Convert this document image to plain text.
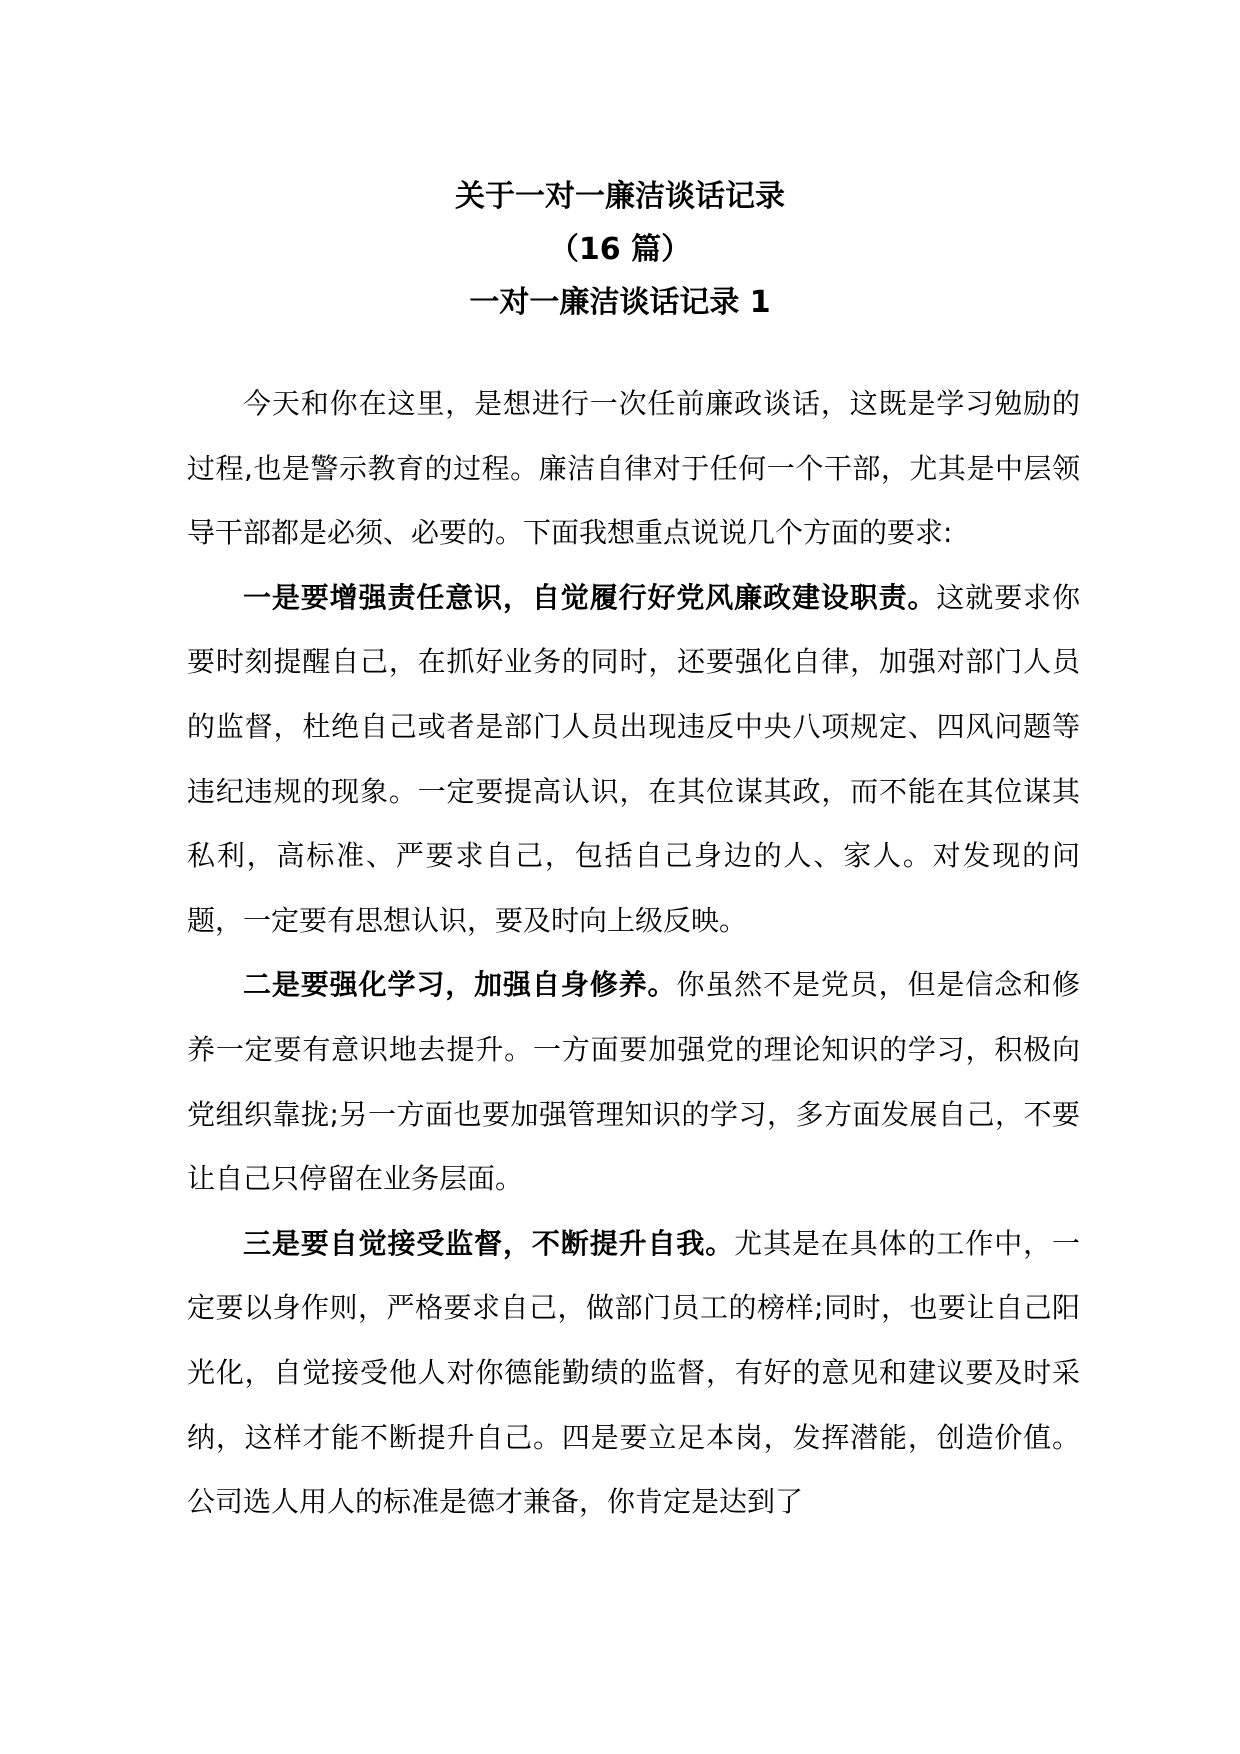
关于一对一廉洁谈话记录

（16 篇）

一对一廉洁谈话记录 1

今天和你在这里，是想进行一次任前廉政谈话，这既是学习勉励的过程,也是警示教育的过程。廉洁自律对于任何一个干部，尤其是中层领导干部都是必须、必要的。下面我想重点说说几个方面的要求:

一是要增强责任意识，自觉履行好党风廉政建设职责。这就要求你要时刻提醒自己，在抓好业务的同时，还要强化自律，加强对部门人员的监督，杜绝自己或者是部门人员出现违反中央八项规定、四风问题等违纪违规的现象。一定要提高认识，在其位谋其政，而不能在其位谋其私利，高标准、严要求自己，包括自己身边的人、家人。对发现的问题，一定要有思想认识，要及时向上级反映。

二是要强化学习，加强自身修养。你虽然不是党员，但是信念和修养一定要有意识地去提升。一方面要加强党的理论知识的学习，积极向党组织靠拢;另一方面也要加强管理知识的学习，多方面发展自己，不要让自己只停留在业务层面。

三是要自觉接受监督，不断提升自我。尤其是在具体的工作中，一定要以身作则，严格要求自己，做部门员工的榜样;同时，也要让自己阳光化，自觉接受他人对你德能勤绩的监督，有好的意见和建议要及时采纳，这样才能不断提升自己。四是要立足本岗，发挥潜能，创造价值。公司选人用人的标准是德才兼备，你肯定是达到了
